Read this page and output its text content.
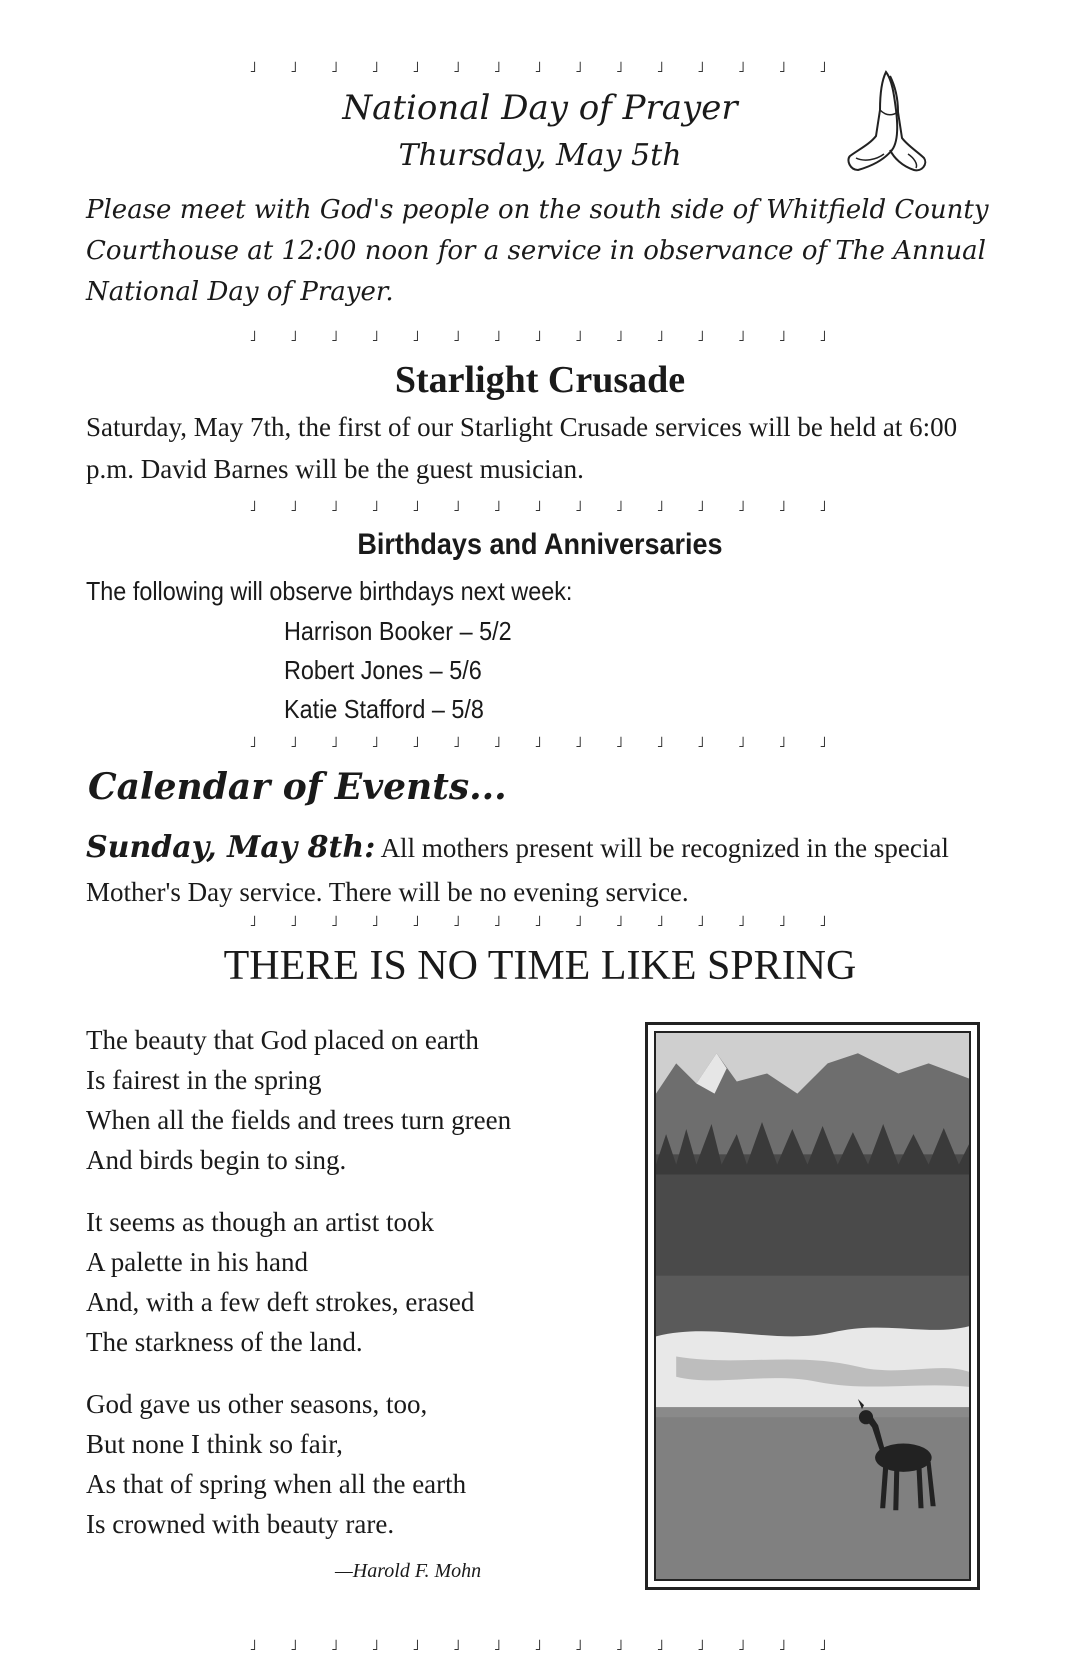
˩ ˩ ˩ ˩ ˩ ˩ ˩ ˩ ˩ ˩ ˩ ˩ ˩ ˩ ˩
National Day of Prayer
Thursday, May 5th
Please meet with God's people on the south side of Whitfield County Courthouse at 12:00 noon for a service in observance of The Annual National Day of Prayer.
˩ ˩ ˩ ˩ ˩ ˩ ˩ ˩ ˩ ˩ ˩ ˩ ˩ ˩ ˩
Starlight Crusade
Saturday, May 7th, the first of our Starlight Crusade services will be held at 6:00 p.m. David Barnes will be the guest musician.
˩ ˩ ˩ ˩ ˩ ˩ ˩ ˩ ˩ ˩ ˩ ˩ ˩ ˩ ˩
Birthdays and Anniversaries
The following will observe birthdays next week:
Harrison Booker – 5/2
Robert Jones – 5/6
Katie Stafford – 5/8
˩ ˩ ˩ ˩ ˩ ˩ ˩ ˩ ˩ ˩ ˩ ˩ ˩ ˩ ˩
Calendar of Events...
Sunday, May 8th: All mothers present will be recognized in the special Mother's Day service. There will be no evening service.
˩ ˩ ˩ ˩ ˩ ˩ ˩ ˩ ˩ ˩ ˩ ˩ ˩ ˩ ˩
THERE IS NO TIME LIKE SPRING

The beauty that God placed on earth

Is fairest in the spring

When all the fields and trees turn green

And birds begin to sing.

It seems as though an artist took

A palette in his hand

And, with a few deft strokes, erased

The starkness of the land.

God gave us other seasons, too,

But none I think so fair,

As that of spring when all the earth

Is crowned with beauty rare.

—Harold F. Mohn
˩ ˩ ˩ ˩ ˩ ˩ ˩ ˩ ˩ ˩ ˩ ˩ ˩ ˩ ˩
